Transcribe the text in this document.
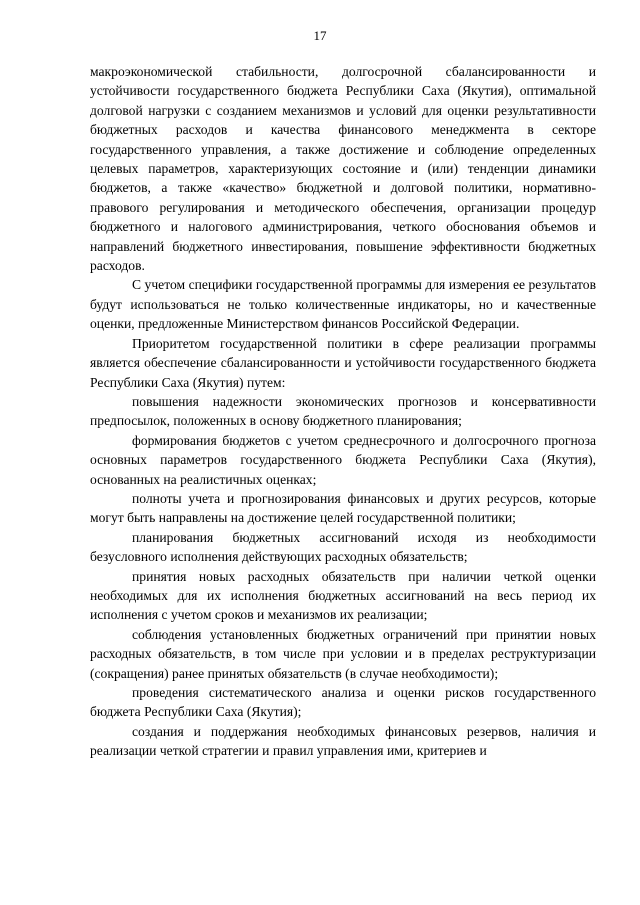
17

макроэкономической стабильности, долгосрочной сбалансированности и устойчивости государственного бюджета Республики Саха (Якутия), оптимальной долговой нагрузки с созданием механизмов и условий для оценки результативности бюджетных расходов и качества финансового менеджмента в секторе государственного управления, а также достижение и соблюдение определенных целевых параметров, характеризующих состояние и (или) тенденции динамики бюджетов, а также «качество» бюджетной и долговой политики, нормативно-правового регулирования и методического обеспечения, организации процедур бюджетного и налогового администрирования, четкого обоснования объемов и направлений бюджетного инвестирования, повышение эффективности бюджетных расходов.

С учетом специфики государственной программы для измерения ее результатов будут использоваться не только количественные индикаторы, но и качественные оценки, предложенные Министерством финансов Российской Федерации.

Приоритетом государственной политики в сфере реализации программы является обеспечение сбалансированности и устойчивости государственного бюджета Республики Саха (Якутия) путем:

повышения надежности экономических прогнозов и консервативности предпосылок, положенных в основу бюджетного планирования;

формирования бюджетов с учетом среднесрочного и долгосрочного прогноза основных параметров государственного бюджета Республики Саха (Якутия), основанных на реалистичных оценках;

полноты учета и прогнозирования финансовых и других ресурсов, которые могут быть направлены на достижение целей государственной политики;

планирования бюджетных ассигнований исходя из необходимости безусловного исполнения действующих расходных обязательств;

принятия новых расходных обязательств при наличии четкой оценки необходимых для их исполнения бюджетных ассигнований на весь период их исполнения с учетом сроков и механизмов их реализации;

соблюдения установленных бюджетных ограничений при принятии новых расходных обязательств, в том числе при условии и в пределах реструктуризации (сокращения) ранее принятых обязательств (в случае необходимости);

проведения систематического анализа и оценки рисков государственного бюджета Республики Саха (Якутия);

создания и поддержания необходимых финансовых резервов, наличия и реализации четкой стратегии и правил управления ими, критериев и
